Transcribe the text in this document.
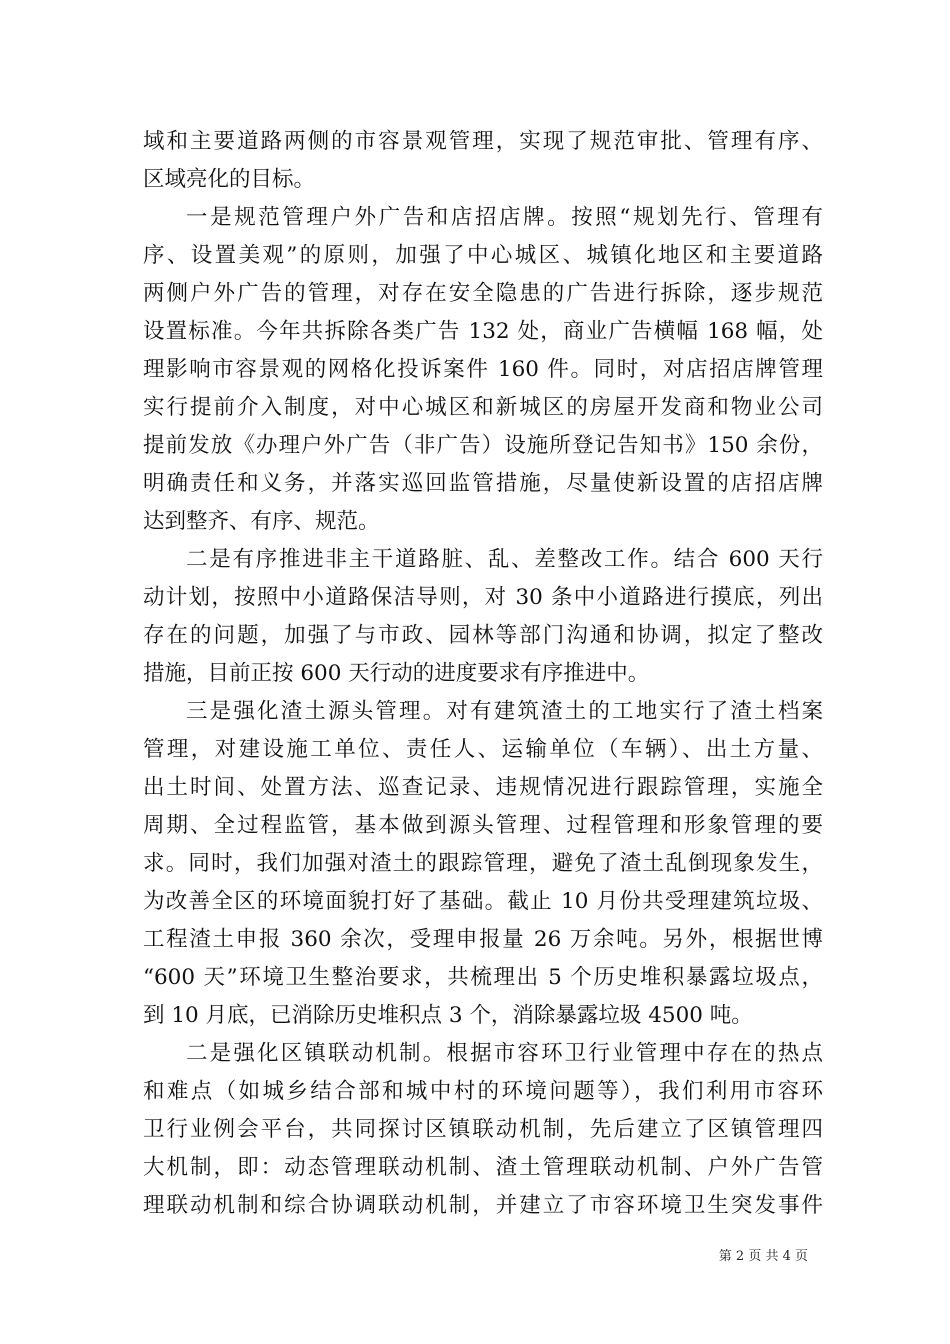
域和主要道路两侧的市容景观管理，实现了规范审批、管理有序、
区域亮化的目标。
一是规范管理户外广告和店招店牌。按照“规划先行、管理有
序、设置美观”的原则，加强了中心城区、城镇化地区和主要道路
两侧户外广告的管理，对存在安全隐患的广告进行拆除，逐步规范
设置标准。今年共拆除各类广告 132 处，商业广告横幅 168 幅，处
理影响市容景观的网格化投诉案件 160 件。同时，对店招店牌管理
实行提前介入制度，对中心城区和新城区的房屋开发商和物业公司
提前发放《办理户外广告（非广告）设施所登记告知书》150 余份，
明确责任和义务，并落实巡回监管措施，尽量使新设置的店招店牌
达到整齐、有序、规范。
二是有序推进非主干道路脏、乱、差整改工作。结合 600 天行
动计划，按照中小道路保洁导则，对 30 条中小道路进行摸底，列出
存在的问题，加强了与市政、园林等部门沟通和协调，拟定了整改
措施，目前正按 600 天行动的进度要求有序推进中。
三是强化渣土源头管理。对有建筑渣土的工地实行了渣土档案
管理，对建设施工单位、责任人、运输单位（车辆）、出土方量、
出土时间、处置方法、巡查记录、违规情况进行跟踪管理，实施全
周期、全过程监管，基本做到源头管理、过程管理和形象管理的要
求。同时，我们加强对渣土的跟踪管理，避免了渣土乱倒现象发生，
为改善全区的环境面貌打好了基础。截止 10 月份共受理建筑垃圾、
工程渣土申报 360 余次，受理申报量 26 万余吨。另外，根据世博
“600 天”环境卫生整治要求，共梳理出 5 个历史堆积暴露垃圾点，
到 10 月底，已消除历史堆积点 3 个，消除暴露垃圾 4500 吨。
二是强化区镇联动机制。根据市容环卫行业管理中存在的热点
和难点（如城乡结合部和城中村的环境问题等），我们利用市容环
卫行业例会平台，共同探讨区镇联动机制，先后建立了区镇管理四
大机制，即：动态管理联动机制、渣土管理联动机制、户外广告管
理联动机制和综合协调联动机制，并建立了市容环境卫生突发事件
第 2 页 共 4 页
